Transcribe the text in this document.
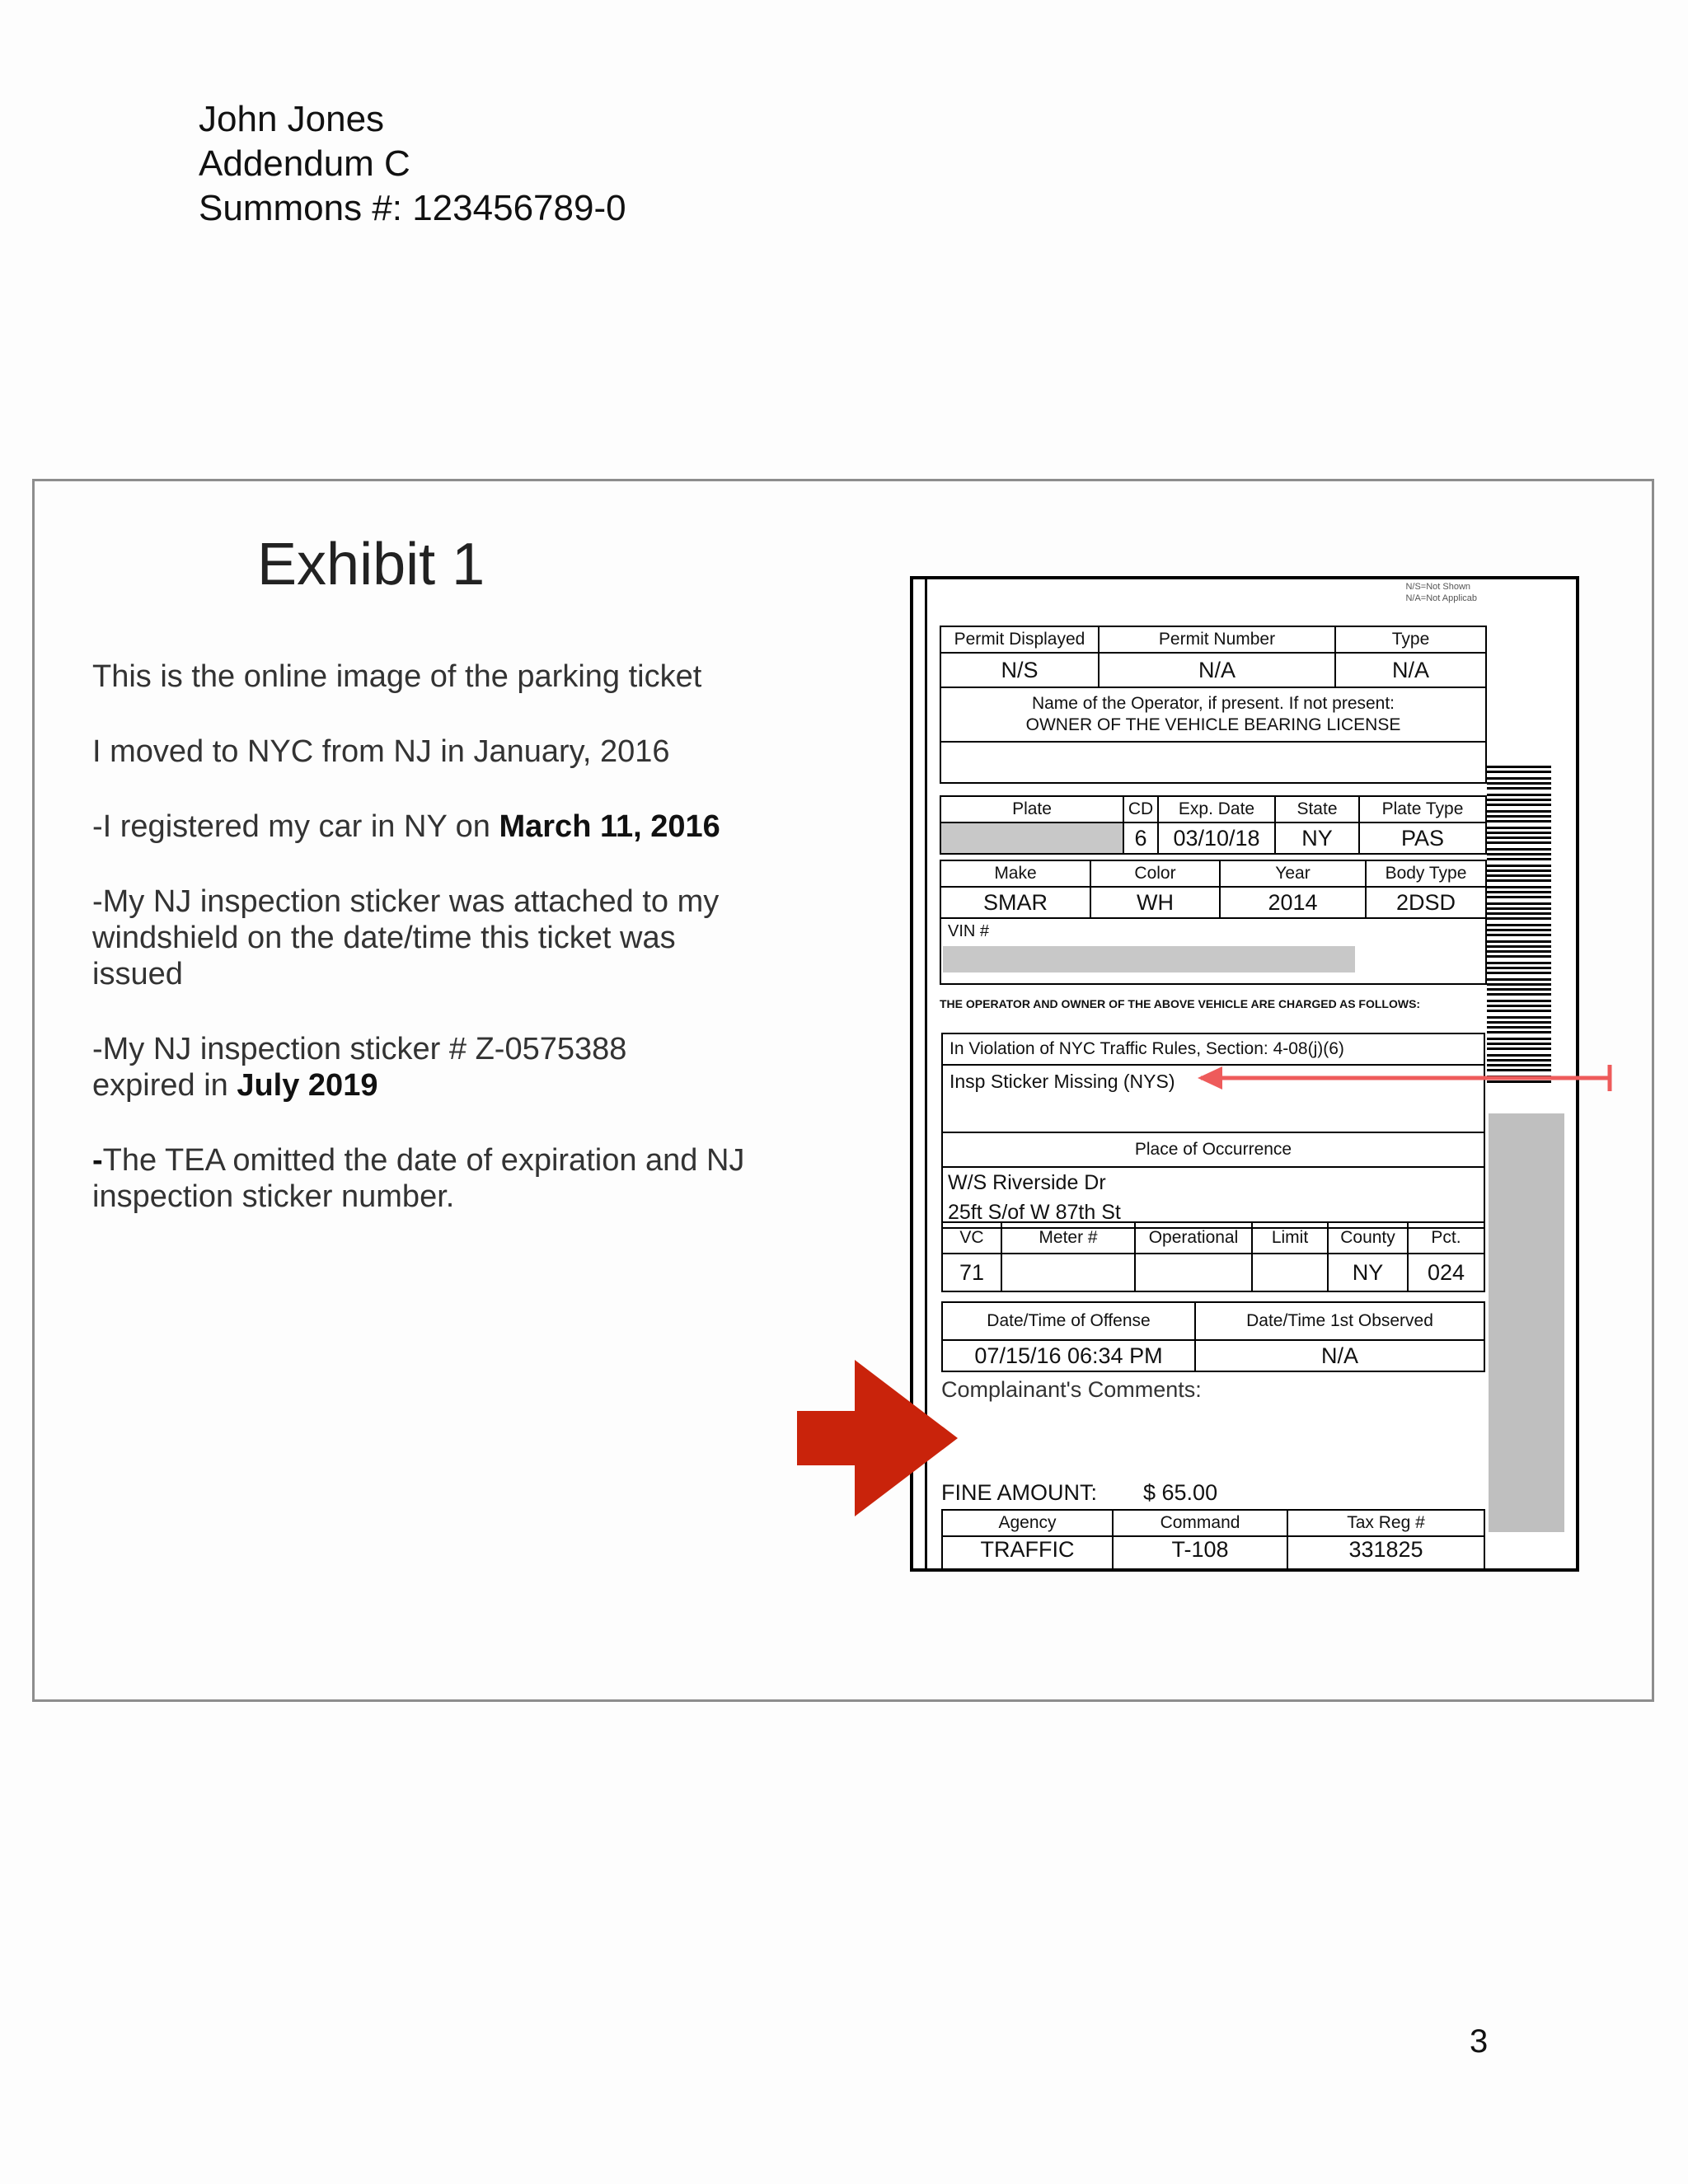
John Jones
Addendum C
Summons #: 123456789-0
Exhibit 1

This is the online image of the parking ticket

I moved to NYC from NJ in January, 2016

-I registered my car in NY on March 11, 2016

-My NJ inspection sticker was attached to my windshield on the date/time this ticket was issued

-My NJ inspection sticker # Z-0575388 expired in July 2019

-The TEA omitted the date of expiration and NJ inspection sticker number.

N/S=Not Shown
N/A=Not Applicab
Permit Displayed	Permit Number	Type
N/S	N/A	N/A

Name of the Operator, if present. If not present:
OWNER OF THE VEHICLE BEARING LICENSE		

Plate	CD	Exp. Date	State	Plate Type
	6	03/10/18	NY	PAS
Make	Color	Year	Body Type
SMAR	WH	2014	2DSD

VIN #			
THE OPERATOR AND OWNER OF THE ABOVE VEHICLE ARE CHARGED AS FOLLOWS:
In Violation of NYC Traffic Rules, Section: 4-08(j)(6)
Insp Sticker Missing (NYS)
Place of Occurrence

W/S Riverside Dr
25ft S/of W 87th St
VC	Meter #	Operational	Limit	County	Pct.
71				NY	024
Date/Time of Offense	Date/Time 1st Observed
07/15/16 06:34 PM	N/A
Complainant's Comments:
FINE AMOUNT: $ 65.00
Agency	Command	Tax Reg #
TRAFFIC	T-108	331825
3
